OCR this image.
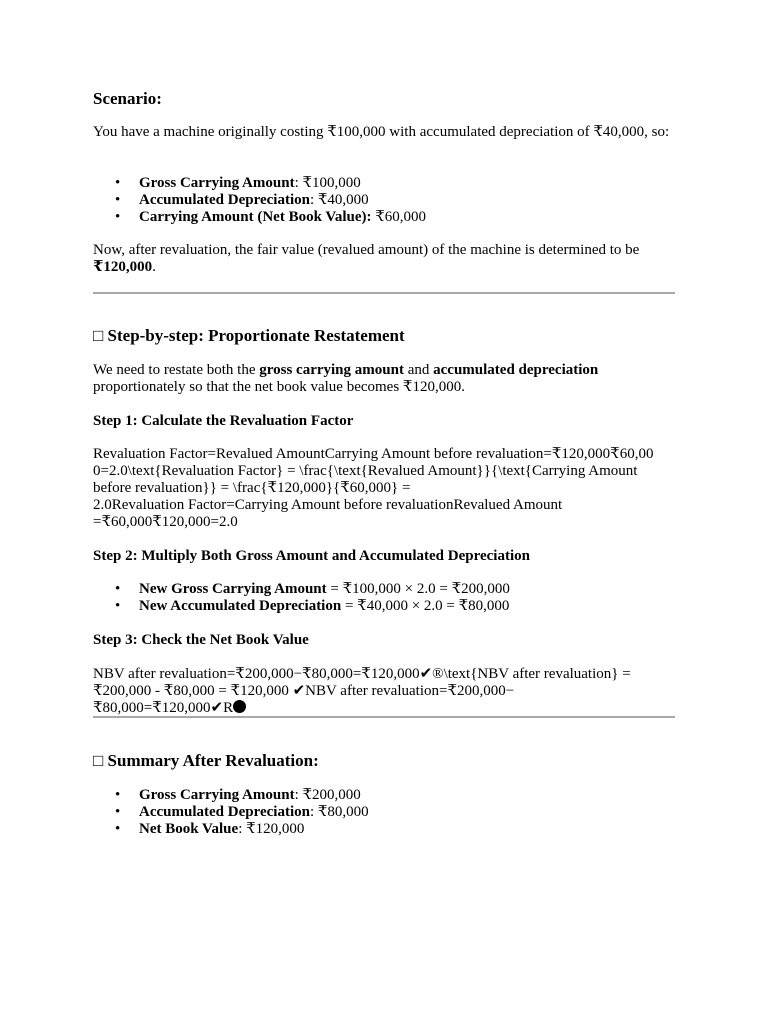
Scenario:

You have a machine originally costing ₹100,000 with accumulated depreciation of ₹40,000, so:

• Gross Carrying Amount: ₹100,000
• Accumulated Depreciation: ₹40,000
• Carrying Amount (Net Book Value): ₹60,000

Now, after revaluation, the fair value (revalued amount) of the machine is determined to be ₹120,000.

□ Step-by-step: Proportionate Restatement

We need to restate both the gross carrying amount and accumulated depreciation proportionately so that the net book value becomes ₹120,000.

Step 1: Calculate the Revaluation Factor
Revaluation Factor=Revalued AmountCarrying Amount before revaluation=₹120,000₹60,00
0=2.0\text{Revaluation Factor} = \frac{\text{Revalued Amount}}{\text{Carrying Amount
before revaluation}} = \frac{₹120,000}{₹60,000} =
2.0Revaluation Factor=Carrying Amount before revaluationRevalued Amount
=₹60,000₹120,000=2.0
Step 2: Multiply Both Gross Amount and Accumulated Depreciation
• New Gross Carrying Amount = ₹100,000 × 2.0 = ₹200,000
• New Accumulated Depreciation = ₹40,000 × 2.0 = ₹80,000
Step 3: Check the Net Book Value
NBV after revaluation=₹200,000−₹80,000=₹120,000✔®\text{NBV after revaluation} =
₹200,000 - ₹80,000 = ₹120,000 ✔NBV after revaluation=₹200,000−
₹80,000=₹120,000✔R
□ Summary After Revaluation:
• Gross Carrying Amount: ₹200,000
• Accumulated Depreciation: ₹80,000
• Net Book Value: ₹120,000
